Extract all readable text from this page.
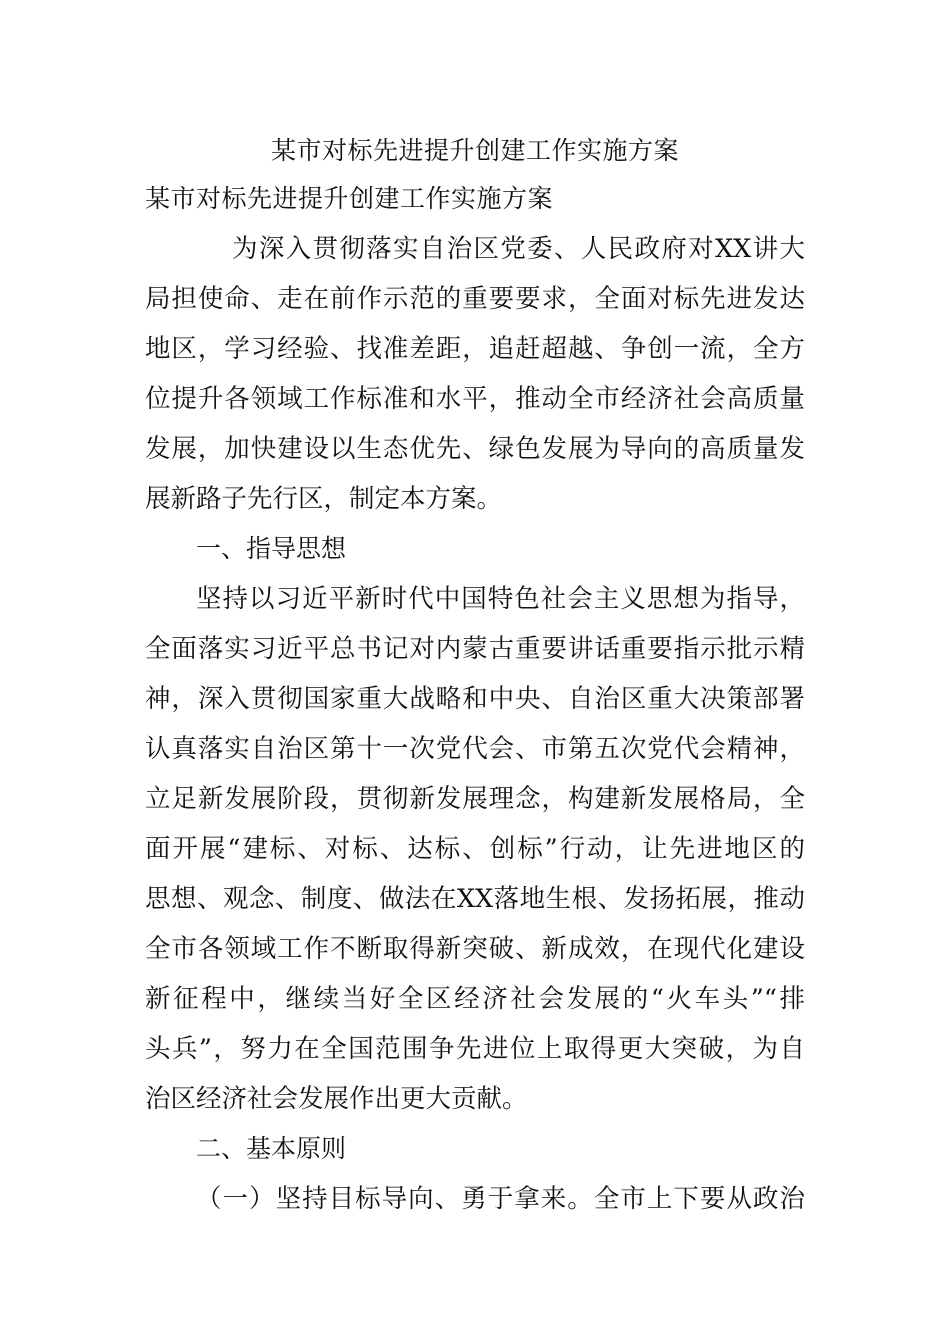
某市对标先进提升创建工作实施方案
某市对标先进提升创建工作实施方案
为深入贯彻落实自治区党委、人民政府对XX讲大
局担使命、走在前作示范的重要要求，全面对标先进发达
地区，学习经验、找准差距，追赶超越、争创一流，全方
位提升各领域工作标准和水平，推动全市经济社会高质量
发展，加快建设以生态优先、绿色发展为导向的高质量发
展新路子先行区，制定本方案。
一、指导思想
坚持以习近平新时代中国特色社会主义思想为指导，
全面落实习近平总书记对内蒙古重要讲话重要指示批示精
神，深入贯彻国家重大战略和中央、自治区重大决策部署
认真落实自治区第十一次党代会、市第五次党代会精神，
立足新发展阶段，贯彻新发展理念，构建新发展格局，全
面开展“建标、对标、达标、创标”行动，让先进地区的
思想、观念、制度、做法在XX落地生根、发扬拓展，推动
全市各领域工作不断取得新突破、新成效，在现代化建设
新征程中，继续当好全区经济社会发展的“火车头”“排
头兵”，努力在全国范围争先进位上取得更大突破，为自
治区经济社会发展作出更大贡献。
二、基本原则
（一）坚持目标导向、勇于拿来。全市上下要从政治
